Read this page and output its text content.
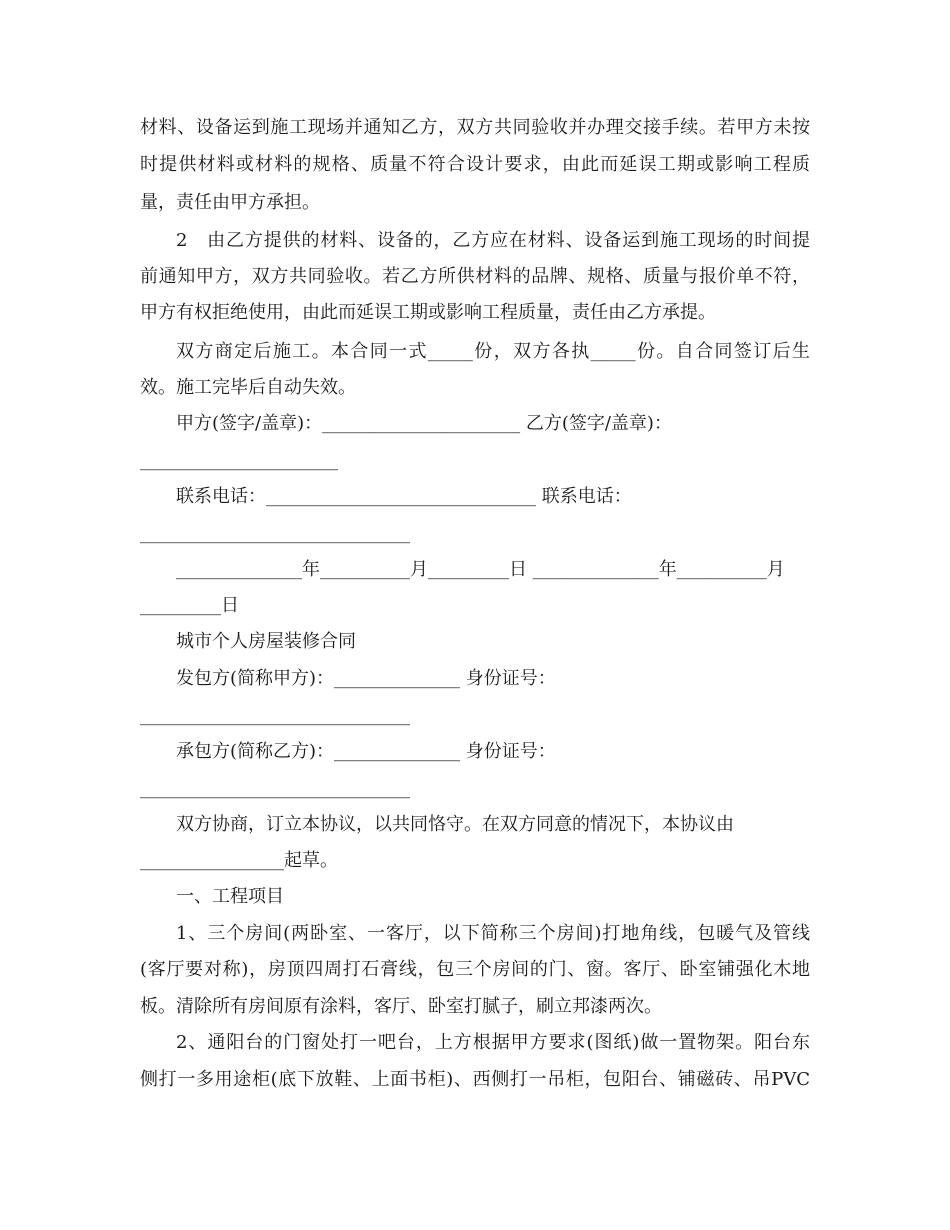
材料、设备运到施工现场并通知乙方，双方共同验收并办理交接手续。若甲方未按
时提供材料或材料的规格、质量不符合设计要求，由此而延误工期或影响工程质
量，责任由甲方承担。
2　由乙方提供的材料、设备的，乙方应在材料、设备运到施工现场的时间提
前通知甲方，双方共同验收。若乙方所供材料的品牌、规格、质量与报价单不符，
甲方有权拒绝使用，由此而延误工期或影响工程质量，责任由乙方承提。
双方商定后施工。本合同一式_____份，双方各执_____份。自合同签订后生
效。施工完毕后自动失效。
甲方(签字/盖章)：______________________ 乙方(签字/盖章)：
______________________
联系电话：______________________________ 联系电话：
______________________________
______________年__________月_________日 ______________年__________月
_________日
城市个人房屋装修合同
发包方(简称甲方)：______________ 身份证号：
______________________________
承包方(简称乙方)：______________ 身份证号：
______________________________
双方协商，订立本协议，以共同恪守。在双方同意的情况下，本协议由
________________起草。
一、工程项目
1、三个房间(两卧室、一客厅，以下简称三个房间)打地角线，包暖气及管线
(客厅要对称)，房顶四周打石膏线，包三个房间的门、窗。客厅、卧室铺强化木地
板。清除所有房间原有涂料，客厅、卧室打腻子，刷立邦漆两次。
2、通阳台的门窗处打一吧台，上方根据甲方要求(图纸)做一置物架。阳台东
侧打一多用途柜(底下放鞋、上面书柜)、西侧打一吊柜，包阳台、铺磁砖、吊PVC
